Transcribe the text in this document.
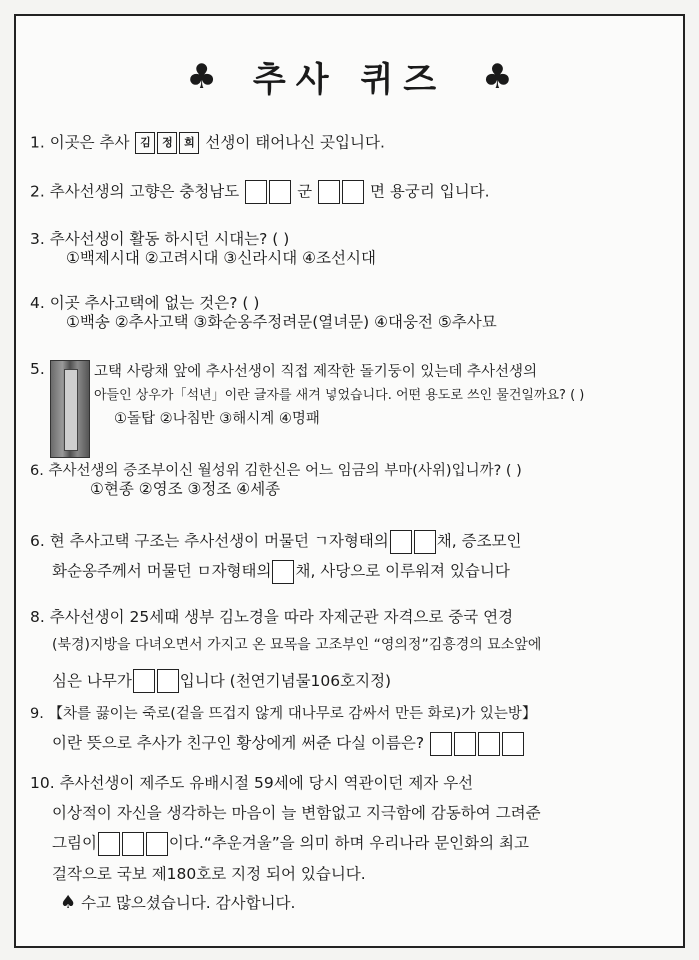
♣ 추사 퀴즈 ♣
1. 이곳은 추사 김 정 희 선생이 태어나신 곳입니다.
2. 추사선생의 고향은 충청남도	군	면 용궁리 입니다.
3. 추사선생이 활동 하시던 시대는? ( )
①백제시대 ②고려시대 ③신라시대 ④조선시대
4. 이곳 추사고택에 없는 것은? ( )
①백송 ②추사고택 ③화순옹주정려문(열녀문) ④대웅전 ⑤추사묘
5.	고택 사랑채 앞에 추사선생이 직접 제작한 돌기둥이 있는데 추사선생의
아들인 상우가「석년」이란 글자를 새겨 넣었습니다. 어떤 용도로 쓰인 물건일까요? ( )
①돌탑 ②나침반 ③해시계 ④명패
6. 추사선생의 증조부이신 월성위 김한신은 어느 임금의 부마(사위)입니까? ( )
①현종 ②영조 ③정조 ④세종
6. 현 추사고택 구조는 추사선생이 머물던 ㄱ자형태의	채, 증조모인
화순옹주께서 머물던 ㅁ자형태의 채, 사당으로 이루워져 있습니다
8. 추사선생이 25세때 생부 김노경을 따라 자제군관 자격으로 중국 연경
(북경)지방을 다녀오면서 가지고 온 묘목을 고조부인 “영의정”김흥경의 묘소앞에
심은 나무가	입니다 (천연기념물106호지정)
9. 【차를 끓이는 죽로(겉을 뜨겁지 않게 대나무로 감싸서 만든 화로)가 있는방】
이란 뜻으로 추사가 친구인 황상에게 써준 다실 이름은?
10. 추사선생이 제주도 유배시절 59세에 당시 역관이던 제자 우선
이상적이 자신을 생각하는 마음이 늘 변함없고 지극함에 감동하여 그려준
그림이	이다.“추운겨울”을 의미 하며 우리나라 문인화의 최고
걸작으로 국보 제180호로 지정 되어 있습니다.
♠ 수고 많으셨습니다. 감사합니다.
